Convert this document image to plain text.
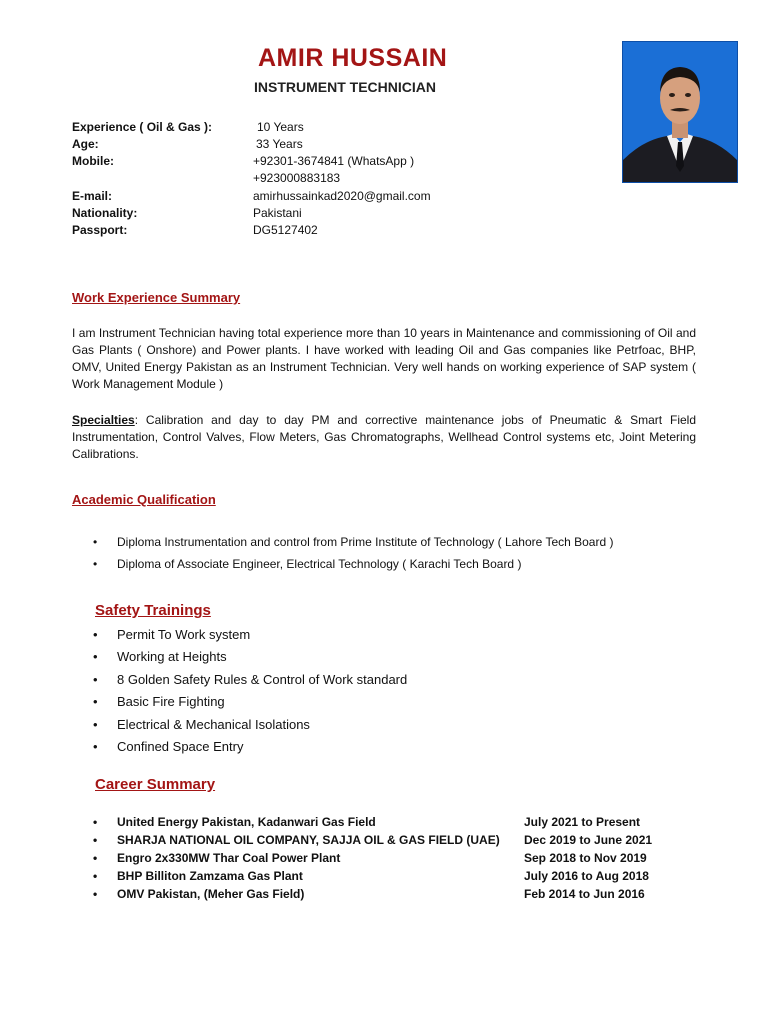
AMIR HUSSAIN
INSTRUMENT TECHNICIAN
Experience ( Oil & Gas ):	10 Years
Age:	33 Years
Mobile:	+92301-3674841 (WhatsApp )
+923000883183
E-mail:	amirhussainkad2020@gmail.com
Nationality:	Pakistani
Passport:	DG5127402
Work Experience Summary

I am Instrument Technician having total experience more than 10 years in Maintenance and commissioning of Oil and Gas Plants ( Onshore) and Power plants. I have worked with leading Oil and Gas companies like Petrfoac, BHP, OMV, United Energy Pakistan as an Instrument Technician. Very well hands on working experience of SAP system ( Work Management Module )

Specialties: Calibration and day to day PM and corrective maintenance jobs of Pneumatic & Smart Field Instrumentation, Control Valves, Flow Meters, Gas Chromatographs, Wellhead Control systems etc, Joint Metering Calibrations.

Academic Qualification
• Diploma Instrumentation and control from Prime Institute of Technology ( Lahore Tech Board )
• Diploma of Associate Engineer, Electrical Technology ( Karachi Tech Board )
Safety Trainings
• Permit To Work system
• Working at Heights
• 8 Golden Safety Rules & Control of Work standard
• Basic Fire Fighting
• Electrical & Mechanical Isolations
• Confined Space Entry
Career Summary
• United Energy Pakistan, Kadanwari Gas Field	July 2021 to Present
• SHARJA NATIONAL OIL COMPANY, SAJJA OIL & GAS FIELD (UAE) Dec 2019 to June 2021
• Engro 2x330MW Thar Coal Power Plant	Sep 2018 to Nov 2019
• BHP Billiton Zamzama Gas Plant	July 2016 to Aug 2018
• OMV Pakistan, (Meher Gas Field)	Feb 2014 to Jun 2016
